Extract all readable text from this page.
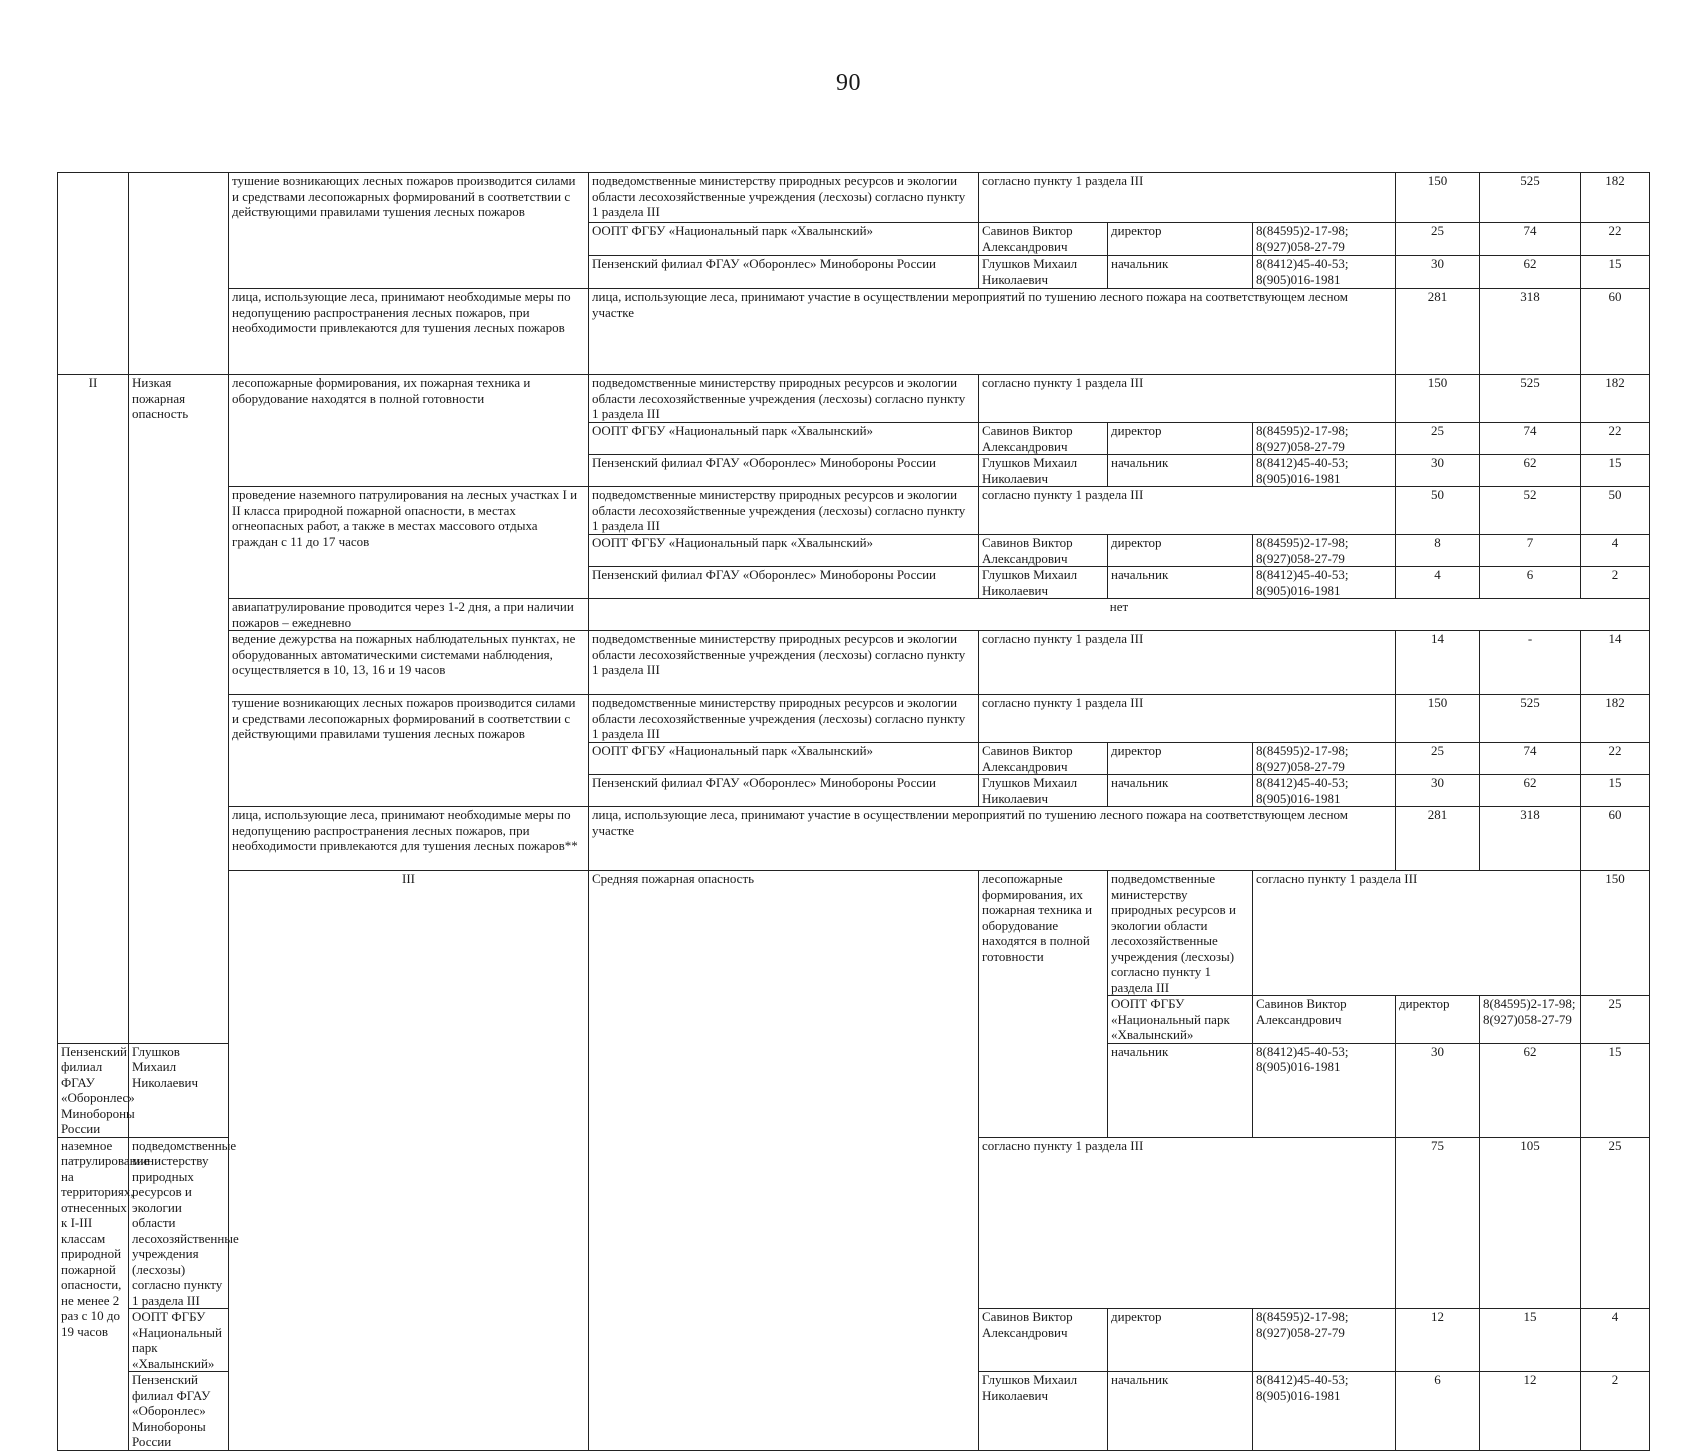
90
		тушение возникающих лесных пожаров производится силами и средствами лесопожарных формирований в соответствии с действующими правилами тушения лесных пожаров	подведомственные министерству природных ресурсов и экологии области лесохозяйственные учреждения (лесхозы) согласно пункту 1 раздела III	согласно пункту 1 раздела III			150	525	182	
			ООПТ ФГБУ «Национальный парк «Хвалынский»	Савинов Виктор Александрович	директор	8(84595)2-17-98; 8(927)058-27-79	25	74	22	
			Пензенский филиал ФГАУ «Оборонлес» Минобороны России	Глушков Михаил Николаевич	начальник	8(8412)45-40-53; 8(905)016-1981	30	62	15	
		лица, использующие леса, принимают необходимые меры по недопущению распространения лесных пожаров, при необходимости привлекаются для тушения лесных пожаров	лица, использующие леса, принимают участие в осуществлении мероприятий по тушению лесного пожара на соответствующем лесном участке				281	318	60	
II	Низкая пожарная опасность	лесопожарные формирования, их пожарная техника и оборудование находятся в полной готовности	подведомственные министерству природных ресурсов и экологии области лесохозяйственные учреждения (лесхозы) согласно пункту 1 раздела III	согласно пункту 1 раздела III			150	525	182	
			ООПТ ФГБУ «Национальный парк «Хвалынский»	Савинов Виктор Александрович	директор	8(84595)2-17-98; 8(927)058-27-79	25	74	22	
			Пензенский филиал ФГАУ «Оборонлес» Минобороны России	Глушков Михаил Николаевич	начальник	8(8412)45-40-53; 8(905)016-1981	30	62	15	
		проведение наземного патрулирования на лесных участках I и II класса природной пожарной опасности, в местах огнеопасных работ, а также в местах массового отдыха граждан с 11 до 17 часов	подведомственные министерству природных ресурсов и экологии области лесохозяйственные учреждения (лесхозы) согласно пункту 1 раздела III	согласно пункту 1 раздела III			50	52	50	
			ООПТ ФГБУ «Национальный парк «Хвалынский»	Савинов Виктор Александрович	директор	8(84595)2-17-98; 8(927)058-27-79	8	7	4	
			Пензенский филиал ФГАУ «Оборонлес» Минобороны России	Глушков Михаил Николаевич	начальник	8(8412)45-40-53; 8(905)016-1981	4	6	2	
		авиапатрулирование проводится через 1-2 дня, а при наличии пожаров – ежедневно	нет							
		ведение дежурства на пожарных наблюдательных пунктах, не оборудованных автоматическими системами наблюдения, осуществляется в 10, 13, 16 и 19 часов	подведомственные министерству природных ресурсов и экологии области лесохозяйственные учреждения (лесхозы) согласно пункту 1 раздела III	согласно пункту 1 раздела III			14	-	14	
		тушение возникающих лесных пожаров производится силами и средствами лесопожарных формирований в соответствии с действующими правилами тушения лесных пожаров	подведомственные министерству природных ресурсов и экологии области лесохозяйственные учреждения (лесхозы) согласно пункту 1 раздела III	согласно пункту 1 раздела III			150	525	182	
			ООПТ ФГБУ «Национальный парк «Хвалынский»	Савинов Виктор Александрович	директор	8(84595)2-17-98; 8(927)058-27-79	25	74	22	
			Пензенский филиал ФГАУ «Оборонлес» Минобороны России	Глушков Михаил Николаевич	начальник	8(8412)45-40-53; 8(905)016-1981	30	62	15	
		лица, использующие леса, принимают необходимые меры по недопущению распространения лесных пожаров, при необходимости привлекаются для тушения лесных пожаров**	лица, использующие леса, принимают участие в осуществлении мероприятий по тушению лесного пожара на соответствующем лесном участке				281	318	60	
		III	Средняя пожарная опасность	лесопожарные формирования, их пожарная техника и оборудование находятся в полной готовности	подведомственные министерству природных ресурсов и экологии области лесохозяйственные учреждения (лесхозы) согласно пункту 1 раздела III	согласно пункту 1 раздела III			150		
					ООПТ ФГБУ «Национальный парк «Хвалынский»	Савинов Виктор Александрович	директор	8(84595)2-17-98; 8(927)058-27-79	25		
Пензенский филиал ФГАУ «Оборонлес» Минобороны России	Глушков Михаил Николаевич				начальник	8(8412)45-40-53; 8(905)016-1981	30	62	15	
наземное патрулирование на территориях, отнесенных к I-III классам природной пожарной опасности, не менее 2 раз с 10 до 19 часов	подведомственные министерству природных ресурсов и экологии области лесохозяйственные учреждения (лесхозы) согласно пункту 1 раздела III			согласно пункту 1 раздела III			75	105	25	
	ООПТ ФГБУ «Национальный парк «Хвалынский»			Савинов Виктор Александрович	директор	8(84595)2-17-98; 8(927)058-27-79	12	15	4	
	Пензенский филиал ФГАУ «Оборонлес» Минобороны России			Глушков Михаил Николаевич	начальник	8(8412)45-40-53; 8(905)016-1981	6	12	2	
